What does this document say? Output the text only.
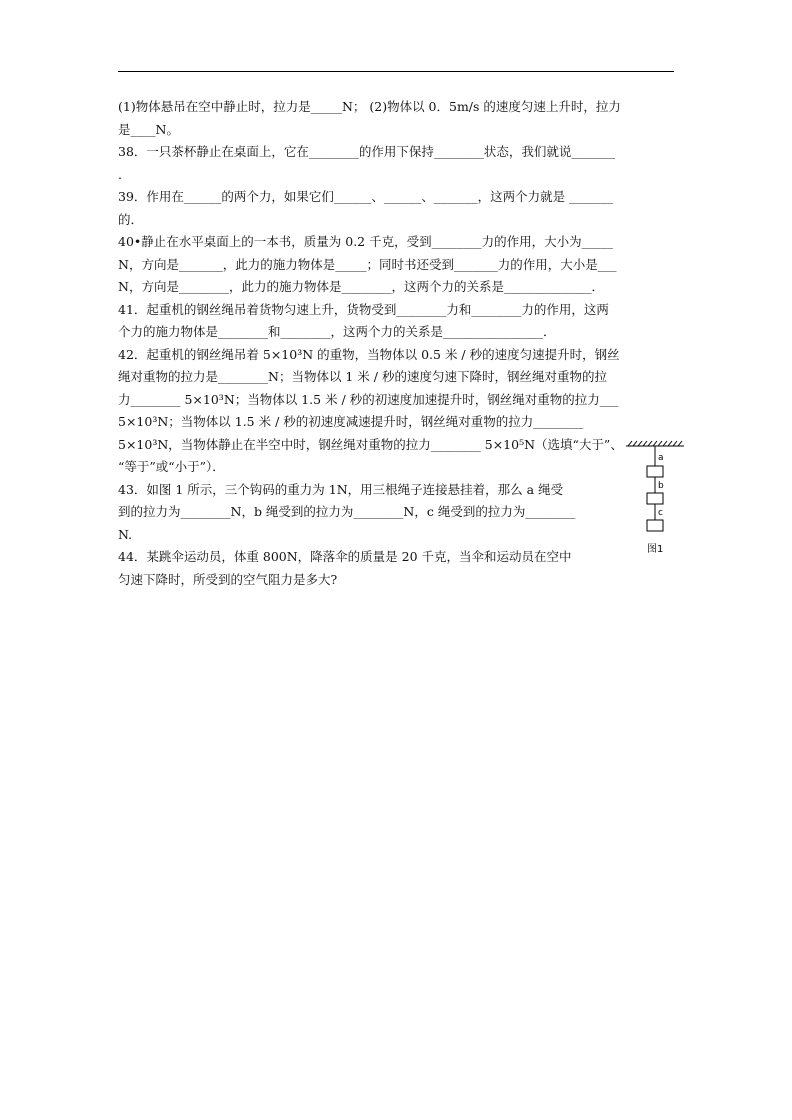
(1)物体悬吊在空中静止时，拉力是_____N； (2)物体以 0．5m/s 的速度匀速上升时，拉力
是____N。
38．一只茶杯静止在桌面上，它在________的作用下保持________状态，我们就说_______
.
39．作用在______的两个力，如果它们______、______、_______，这两个力就是 _______
的．
40•静止在水平桌面上的一本书，质量为 0.2 千克，受到________力的作用，大小为_____
N，方向是_______，此力的施力物体是_____；同时书还受到_______力的作用，大小是___
N，方向是________，此力的施力物体是________，这两个力的关系是______________．
41．起重机的钢丝绳吊着货物匀速上升，货物受到________力和________力的作用，这两
个力的施力物体是________和________，这两个力的关系是________________．
42．起重机的钢丝绳吊着 5×10³N 的重物，当物体以 0.5 米 / 秒的速度匀速提升时，钢丝
绳对重物的拉力是________N；当物体以 1 米 / 秒的速度匀速下降时，钢丝绳对重物的拉
力________ 5×10³N；当物体以 1.5 米 / 秒的初速度加速提升时，钢丝绳对重物的拉力___
5×10³N；当物体以 1.5 米 / 秒的初速度减速提升时，钢丝绳对重物的拉力________
5×10³N，当物体静止在半空中时，钢丝绳对重物的拉力________ 5×10⁵N（选填“大于”、
“等于”或“小于”）．
43．如图 1 所示，三个钩码的重力为 1N，用三根绳子连接悬挂着，那么 a 绳受
到的拉力为________N，b 绳受到的拉力为________N，c 绳受到的拉力为________
N.
44．某跳伞运动员，体重 800N，降落伞的质量是 20 千克，当伞和运动员在空中
匀速下降时，所受到的空气阻力是多大?
a
b
c
图1
